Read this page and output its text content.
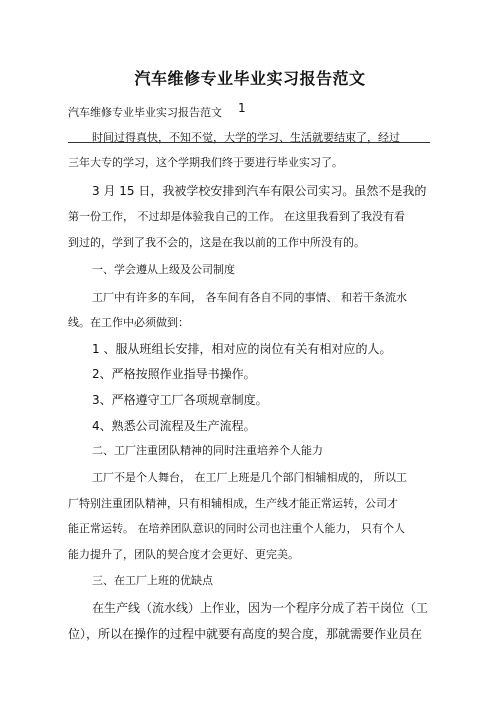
汽车维修专业毕业实习报告范文
汽车维修专业毕业实习报告范文 1
时间过得真快，不知不觉，大学的学习、生活就要结束了，经过
三年大专的学习，这个学期我们终于要进行毕业实习了。
3 月 15 日，我被学校安排到汽车有限公司实习。虽然不是我的
第一份工作， 不过却是体验我自己的工作。 在这里我看到了我没有看
到过的，学到了我不会的，这是在我以前的工作中所没有的。
一、学会遵从上级及公司制度
工厂中有许多的车间， 各车间有各自不同的事情、 和若干条流水
线。在工作中必须做到：
1 、服从班组长安排，相对应的岗位有关有相对应的人。
2、严格按照作业指导书操作。
3、严格遵守工厂各项规章制度。
4、熟悉公司流程及生产流程。
二、工厂注重团队精神的同时注重培养个人能力
工厂不是个人舞台， 在工厂上班是几个部门相辅相成的， 所以工
厂特别注重团队精神，只有相辅相成，生产线才能正常运转，公司才
能正常运转。 在培养团队意识的同时公司也注重个人能力， 只有个人
能力提升了，团队的契合度才会更好、更完美。
三、在工厂上班的优缺点
在生产线（流水线）上作业，因为一个程序分成了若干岗位（工
位），所以在操作的过程中就要有高度的契合度，那就需要作业员在
